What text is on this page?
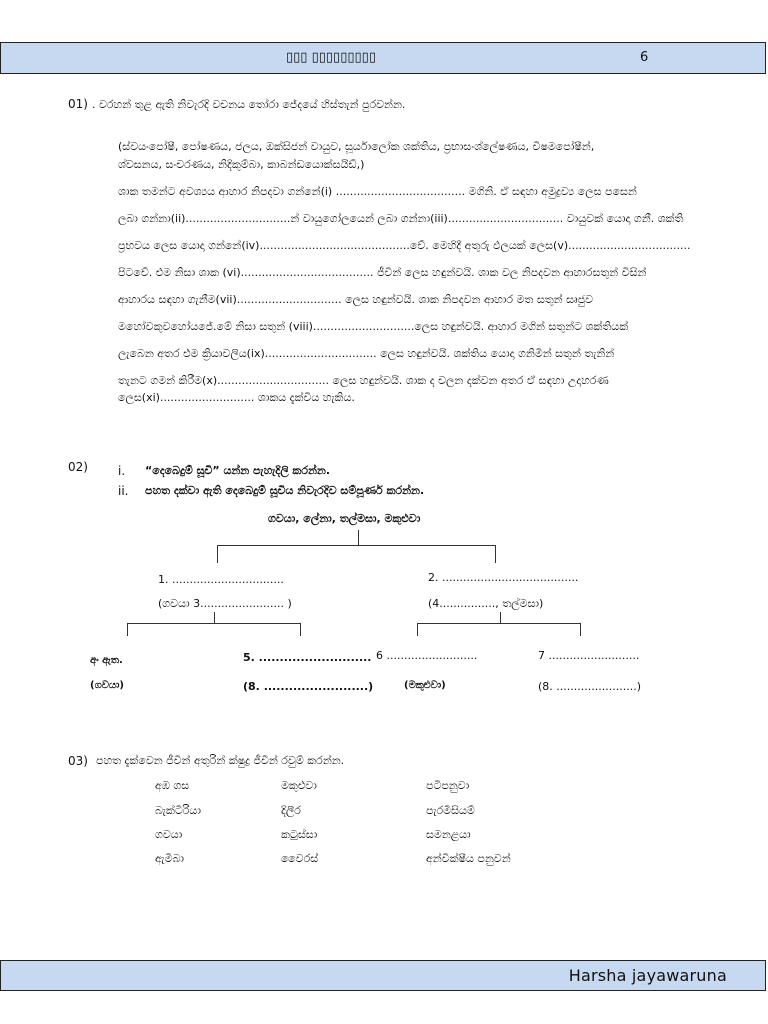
▯▯▯ ▯▯▯▯▯▯▯▯▯	6
01) . වරහන් තුළ ඇති නිවැරදි වචනය තෝරා ජේදයේ හිස්තැන් පුරවන්න.
(ස්වයංපෝෂී, පෝෂණය, ජලය, ඔක්සිජන් වායුව, සූර්යාලෝක ශක්තිය, ප්‍රභාසංශ්ලේෂණය, විෂමපෝෂීන්,
ශ්වසනය, සංචරණය, නිදිකුම්බා, කාබන්ඩයොක්සයිඩ්,)
ශාක තමන්ට අවශ්‍යය ආහාර නිපදවා ගන්නේ(i) ..................................... මගිනි. ඒ සඳහා අමුද්‍රව්‍ය ලෙස පසෙන්
ලබා ගන්නා(ii)..............................න් වායුගෝලයෙන් ලබා ගන්නා(iii)................................. වායුවක් යොදා ගනී. ශක්ති
ප්‍රභවය ලෙස යොදා ගන්නේ(iv)...........................................වේ. මෙහිදී අතුරු ඵලයක් ලෙස(v)...................................
පිටවේ. එම නිසා ශාක (vi)...................................... ජීවීන් ලෙස හඳුන්වයි. ශාක වල නිපදවන ආහාරසතුන් විසින්
ආහාරය සඳහා ගැනීම(vii).............................. ලෙස හඳුන්වයි. ශාක නිපදවන ආහාර මත සතුන් සෘජුව
මහෝවකුවහෝයජේ.මේ නිසා සතුන් (viii).............................ලෙස හඳුන්වයි. ආහාර මගින් සතුන්ට ශක්තියක්
ලැබෙන අතර එම ක්‍රියාවලිය(ix)................................ ලෙස හඳුන්වයි. ශක්තිය යොදා ගනිමින් සතුන් තැනින්
තැනට ගමන් කිරීම(x)................................ ලෙස හඳුන්වයි. ශාක ද චලන දක්වන අතර ඒ සඳහා උදාහරණ
ලෙස(xi)........................... ශාකය දැක්විය හැකිය.
02)	i. “දෙබෙදුම් සූචි” යන්න පැහැදිලි කරන්න.
ii. පහත දක්වා ඇති දෙබෙදුම් සූචිය නිවැරදිව සම්පූර්ණ කරන්න.
ගවයා, ලේනා, තල්මසා, මකුළුවා
1. ................................
(ගවයා 3........................ )
2. .......................................
(4................, තල්මසා)
අං ඇත.
(ගවයා)
5. ...........................
(8. .........................)
6 ..........................
(මකුළුවා)
7 ..........................
(8. .......................)
03) පහත දැක්වෙන ජීවීන් අතුරින් ක්ෂුද්‍ර ජීවීන් රවුම් කරන්න.
අඹ ගස	මකුළුවා	පටිපනුවා
බැක්ටීරියා	දිලීර	පැරමීසියම්
ගවයා	කටුස්සා	සමනළයා
ඇමීබා	වෛරස්	අන්වීක්ෂීය පනුවන්
Harsha jayawaruna
